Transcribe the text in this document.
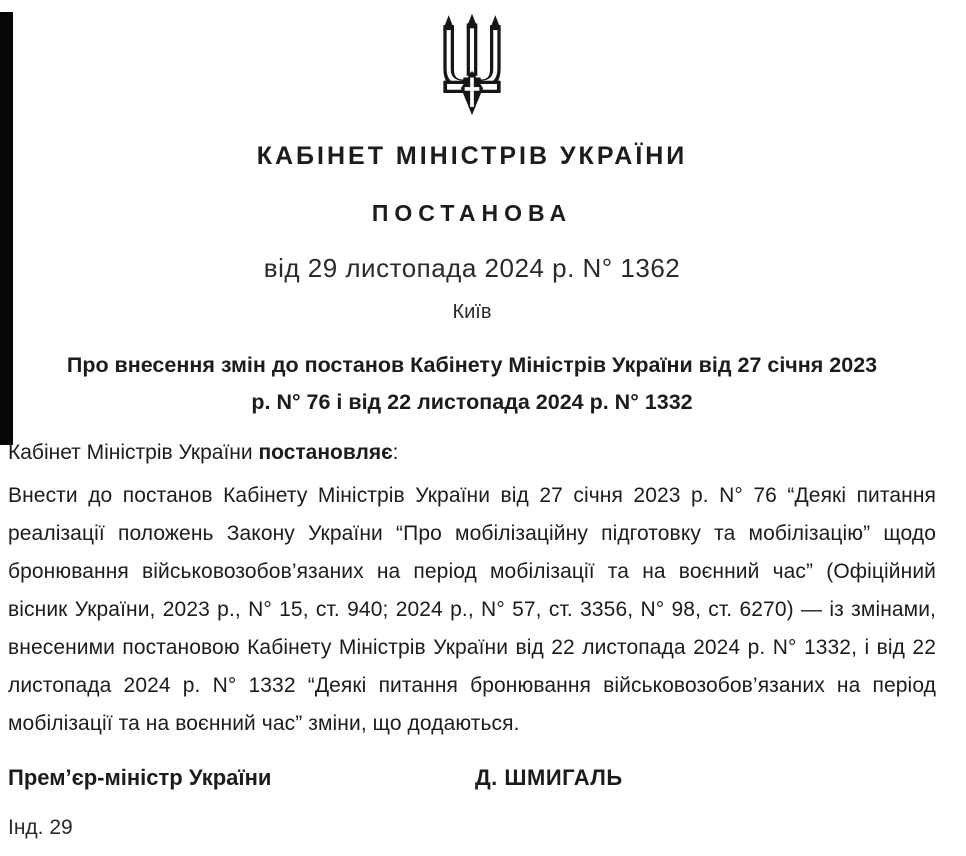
КАБІНЕТ МІНІСТРІВ УКРАЇНИ
ПОСТАНОВА
від 29 листопада 2024 р. N° 1362
Київ
Про внесення змін до постанов Кабінету Міністрів України від 27 січня 2023
р. N° 76 і від 22 листопада 2024 р. N° 1332
Кабінет Міністрів України постановляє:
Внести до постанов Кабінету Міністрів України від 27 січня 2023 р. N° 76 “Деякі питання реалізації положень Закону України “Про мобілізаційну підготовку та мобілізацію” щодо бронювання військовозобов’язаних на період мобілізації та на воєнний час” (Офіційний вісник України, 2023 р., N° 15, ст. 940; 2024 р., N° 57, ст. 3356, N° 98, ст. 6270) — із змінами, внесеними постановою Кабінету Міністрів України від 22 листопада 2024 р. N° 1332, і від 22 листопада 2024 р. N° 1332 “Деякі питання бронювання військовозобов’язаних на період мобілізації та на воєнний час” зміни, що додаються.
Прем’єр-міністр України	Д. ШМИГАЛЬ
Інд. 29
